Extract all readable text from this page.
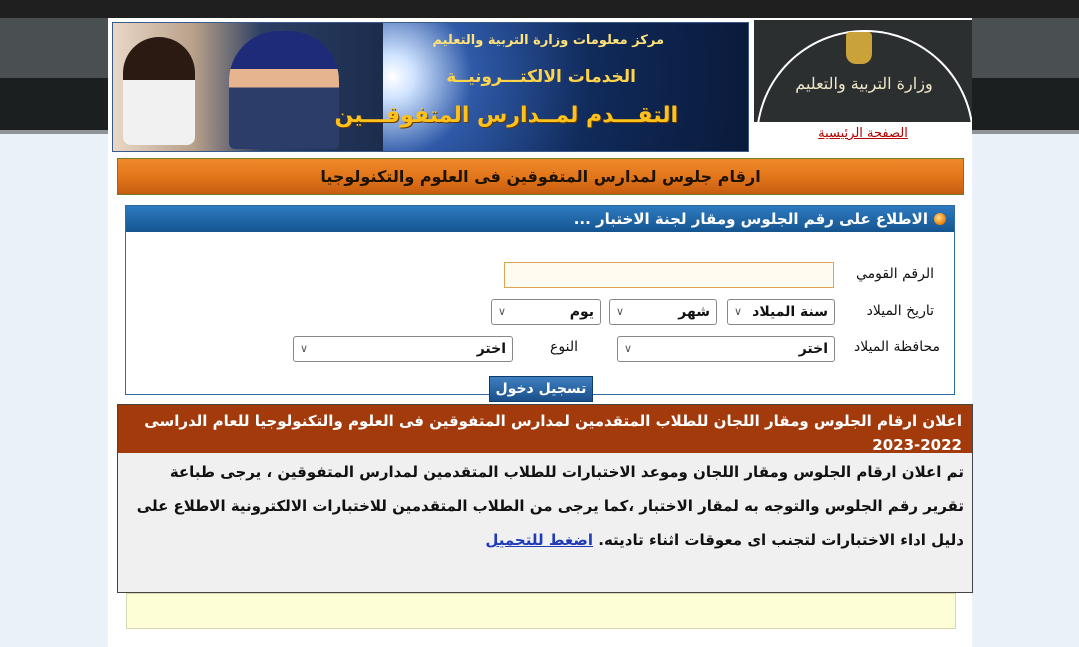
مركز معلومات وزارة التربية والتعليم
الخدمات الالكتـــرونيــة
التقـــدم لمــدارس المتفوقـــين
وزارة التربية والتعليم
الصفحة الرئيسية
ارقام جلوس لمدارس المتفوقين فى العلوم والتكنولوجيا
الاطلاع على رقم الجلوس ومقار لجنة الاختبار ...
الرقم القومي
تاريخ الميلاد
سنة الميلاد
∨
شهر
∨
يوم
∨
محافظة الميلاد
اختر
∨
النوع
اختر
∨
تسجيل دخول
اعلان ارقام الجلوس ومقار اللجان للطلاب المتقدمين لمدارس المتفوقين فى العلوم والتكنولوجيا للعام الدراسى 2022-2023
تم اعلان ارقام الجلوس ومقار اللجان وموعد الاختبارات للطلاب المتقدمين لمدارس المتفوقين ، يرجى طباعة تقرير رقم الجلوس والتوجه به لمقار الاختبار ،كما يرجى من الطلاب المتقدمين للاختبارات الالكترونية الاطلاع على دليل اداء الاختبارات لتجنب اى معوقات اثناء تاديته. اضغط للتحميل
